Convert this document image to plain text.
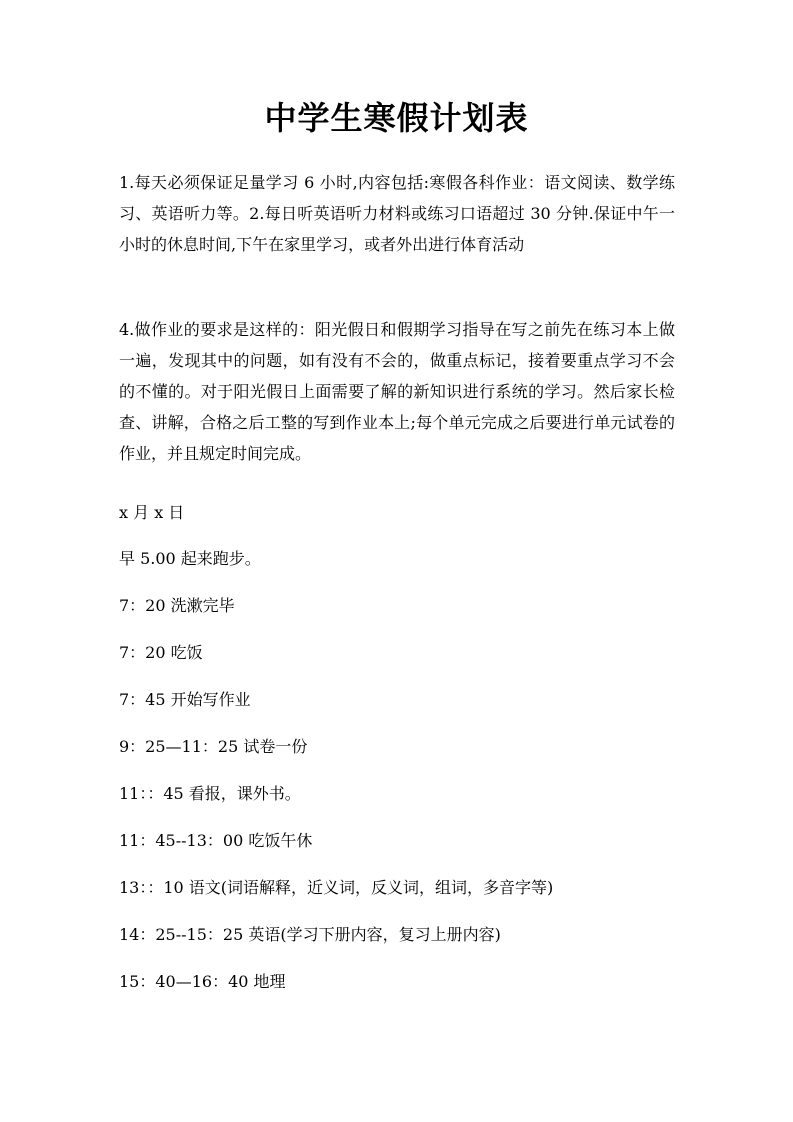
中学生寒假计划表

1.每天必须保证足量学习 6 小时,内容包括:寒假各科作业：语文阅读、数学练习、英语听力等。2.每日听英语听力材料或练习口语超过 30 分钟.保证中午一小时的休息时间,下午在家里学习，或者外出进行体育活动

4.做作业的要求是这样的：阳光假日和假期学习指导在写之前先在练习本上做一遍，发现其中的问题，如有没有不会的，做重点标记，接着要重点学习不会的不懂的。对于阳光假日上面需要了解的新知识进行系统的学习。然后家长检查、讲解，合格之后工整的写到作业本上;每个单元完成之后要进行单元试卷的作业，并且规定时间完成。

x 月 x 日
早 5.00 起来跑步。
7：20 洗漱完毕
7：20 吃饭
7：45 开始写作业
9：25—11：25 试卷一份
11：：45 看报，课外书。
11：45--13：00 吃饭午休
13：：10 语文(词语解释，近义词，反义词，组词，多音字等)
14：25--15：25 英语(学习下册内容，复习上册内容)
15：40—16：40 地理
